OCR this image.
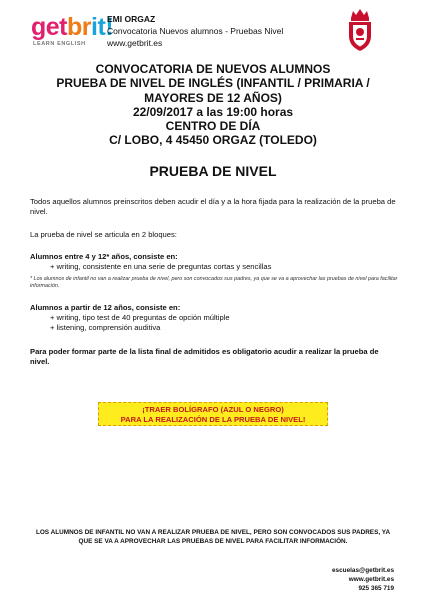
getbrit!
LEARN ENGLISH
EMI ORGAZ
Convocatoria Nuevos alumnos - Pruebas Nivel
www.getbrit.es
CONVOCATORIA DE NUEVOS ALUMNOS
PRUEBA DE NIVEL DE INGLÉS (INFANTIL / PRIMARIA /
MAYORES DE 12 AÑOS)
22/09/2017 a las 19:00 horas
CENTRO DE DÍA
C/ LOBO, 4 45450 ORGAZ (TOLEDO)
PRUEBA DE NIVEL
Todos aquellos alumnos preinscritos deben acudir el día y a la hora fijada para la realización de la prueba de nivel.
La prueba de nivel se articula en 2 bloques:
Alumnos entre 4 y 12* años, consiste en:
+ writing, consistente en una serie de preguntas cortas y sencillas
* Los alumnos de infantil no van a realizar prueba de nivel, pero son convocados sus padres, ya que se va a aprovechar las pruebas de nivel para facilitar información.
Alumnos a partir de 12 años, consiste en:
+ writing, tipo test de 40 preguntas de opción múltiple
+ listening, comprensión auditiva
Para poder formar parte de la lista final de admitidos es obligatorio acudir a realizar la prueba de nivel.
¡TRAER BOLÍGRAFO (AZUL O NEGRO)
PARA LA REALIZACIÓN DE LA PRUEBA DE NIVEL!
LOS ALUMNOS DE INFANTIL NO VAN A REALIZAR PRUEBA DE NIVEL, PERO SON CONVOCADOS SUS PADRES, YA QUE SE VA A APROVECHAR LAS PRUEBAS DE NIVEL PARA FACILITAR INFORMACIÓN.
escuelas@getbrit.es
www.getbrit.es
925 365 719
